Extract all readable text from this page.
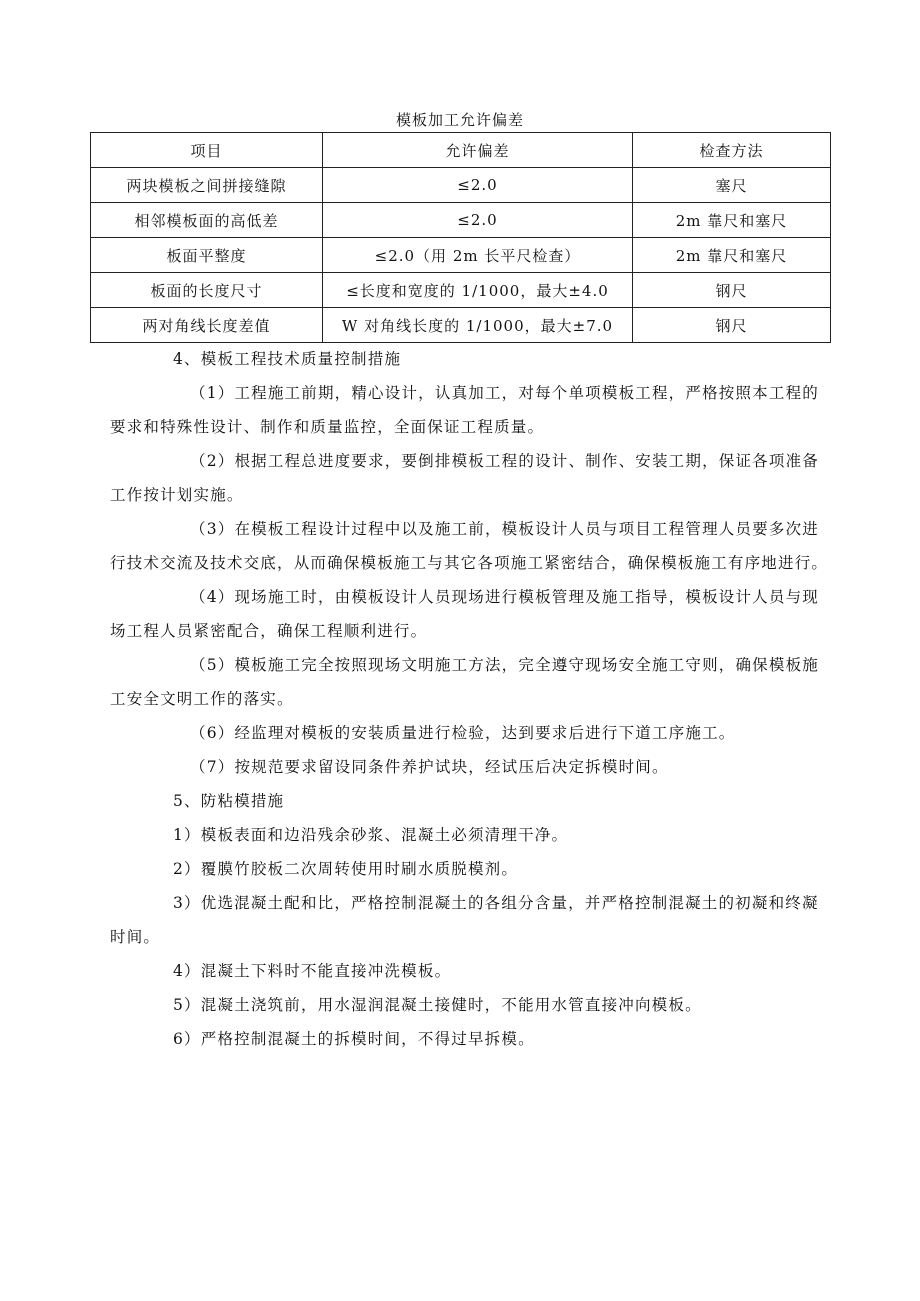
模板加工允许偏差
项目	允许偏差	检查方法
两块模板之间拼接缝隙	≤2.0	塞尺
相邻模板面的高低差	≤2.0	2m 靠尺和塞尺
板面平整度	≤2.0（用 2m 长平尺检查）	2m 靠尺和塞尺
板面的长度尺寸	≤长度和宽度的 1/1000，最大±4.0	钢尺
两对角线长度差值	W 对角线长度的 1/1000，最大±7.0	钢尺

4、模板工程技术质量控制措施

（1）工程施工前期，精心设计，认真加工，对每个单项模板工程，严格按照本工程的要求和特殊性设计、制作和质量监控，全面保证工程质量。

（2）根据工程总进度要求，要倒排模板工程的设计、制作、安装工期，保证各项准备工作按计划实施。

（3）在模板工程设计过程中以及施工前，模板设计人员与项目工程管理人员要多次进行技术交流及技术交底，从而确保模板施工与其它各项施工紧密结合，确保模板施工有序地进行。

（4）现场施工时，由模板设计人员现场进行模板管理及施工指导，模板设计人员与现场工程人员紧密配合，确保工程顺利进行。

（5）模板施工完全按照现场文明施工方法，完全遵守现场安全施工守则，确保模板施工安全文明工作的落实。

（6）经监理对模板的安装质量进行检验，达到要求后进行下道工序施工。

（7）按规范要求留设同条件养护试块，经试压后决定拆模时间。

5、防粘模措施

1）模板表面和边沿残余砂浆、混凝土必须清理干净。

2）覆膜竹胶板二次周转使用时刷水质脱模剂。

3）优选混凝土配和比，严格控制混凝土的各组分含量，并严格控制混凝土的初凝和终凝时间。

4）混凝土下料时不能直接冲洗模板。

5）混凝土浇筑前，用水湿润混凝土接健时，不能用水管直接冲向模板。

6）严格控制混凝土的拆模时间，不得过早拆模。
